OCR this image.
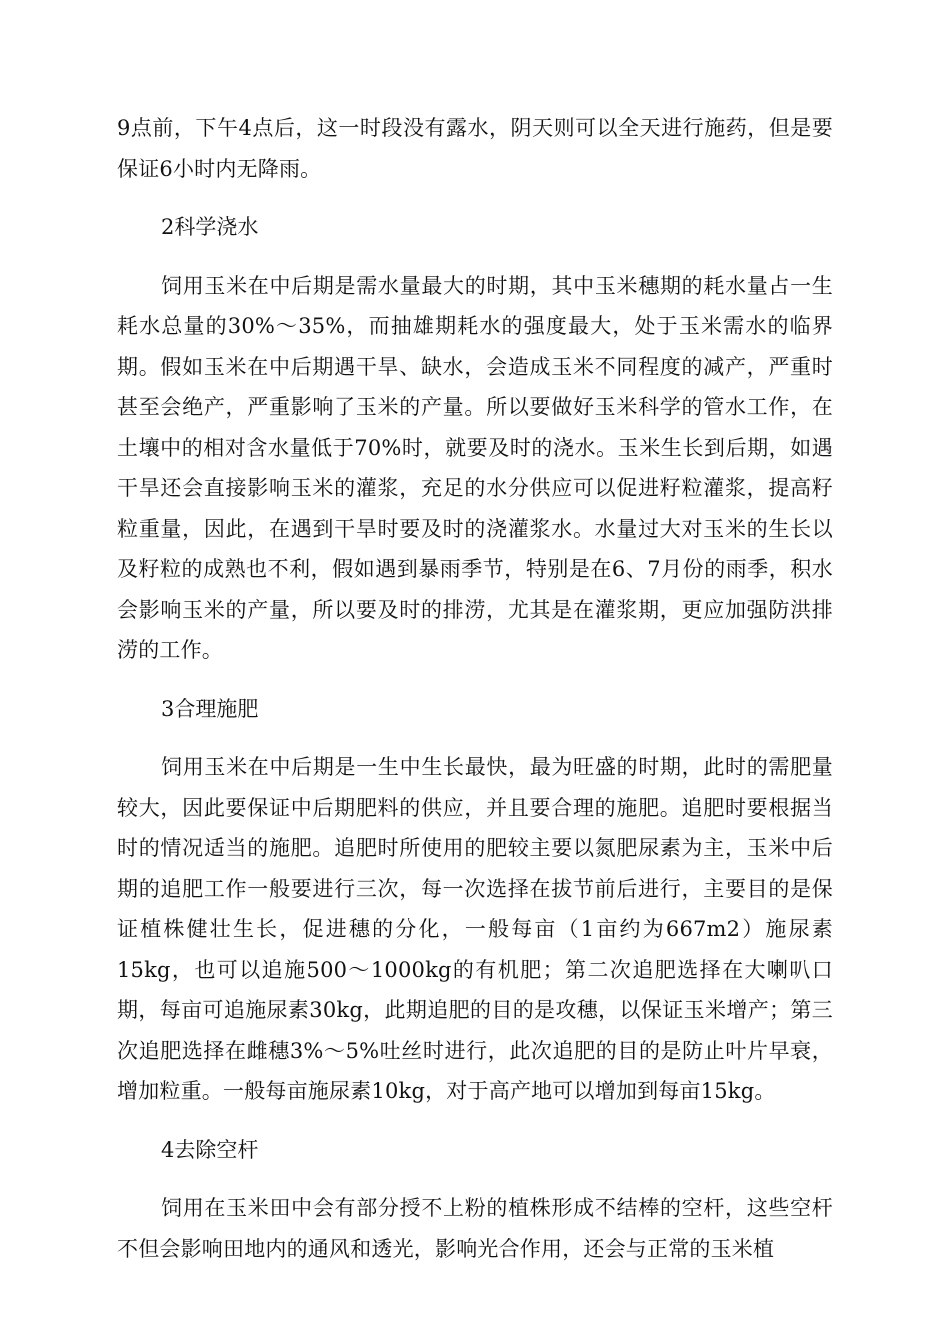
9点前，下午4点后，这一时段没有露水，阴天则可以全天进行施药，但是要保证6小时内无降雨。

2科学浇水

饲用玉米在中后期是需水量最大的时期，其中玉米穗期的耗水量占一生耗水总量的30%～35%，而抽雄期耗水的强度最大，处于玉米需水的临界期。假如玉米在中后期遇干旱、缺水，会造成玉米不同程度的减产，严重时甚至会绝产，严重影响了玉米的产量。所以要做好玉米科学的管水工作，在土壤中的相对含水量低于70%时，就要及时的浇水。玉米生长到后期，如遇干旱还会直接影响玉米的灌浆，充足的水分供应可以促进籽粒灌浆，提高籽粒重量，因此，在遇到干旱时要及时的浇灌浆水。水量过大对玉米的生长以及籽粒的成熟也不利，假如遇到暴雨季节，特别是在6、7月份的雨季，积水会影响玉米的产量，所以要及时的排涝，尤其是在灌浆期，更应加强防洪排涝的工作。

3合理施肥

饲用玉米在中后期是一生中生长最快，最为旺盛的时期，此时的需肥量较大，因此要保证中后期肥料的供应，并且要合理的施肥。追肥时要根据当时的情况适当的施肥。追肥时所使用的肥较主要以氮肥尿素为主，玉米中后期的追肥工作一般要进行三次，每一次选择在拔节前后进行，主要目的是保证植株健壮生长，促进穗的分化，一般每亩（1亩约为667m2）施尿素15kg，也可以追施500～1000kg的有机肥；第二次追肥选择在大喇叭口期，每亩可追施尿素30kg，此期追肥的目的是攻穗，以保证玉米增产；第三次追肥选择在雌穗3%～5%吐丝时进行，此次追肥的目的是防止叶片早衰，增加粒重。一般每亩施尿素10kg，对于高产地可以增加到每亩15kg。

4去除空杆

饲用在玉米田中会有部分授不上粉的植株形成不结棒的空杆，这些空杆不但会影响田地内的通风和透光，影响光合作用，还会与正常的玉米植
